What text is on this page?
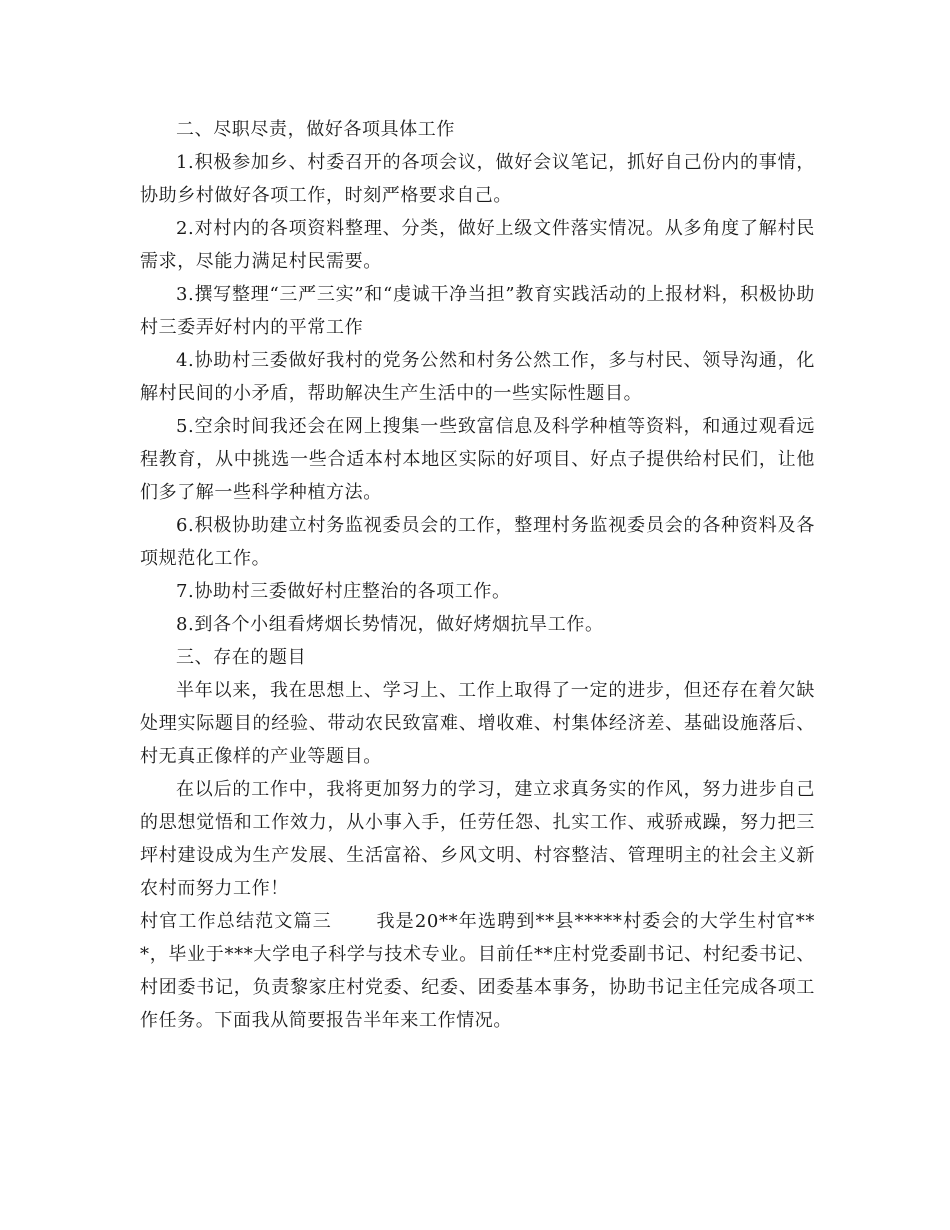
二、尽职尽责，做好各项具体工作

1.积极参加乡、村委召开的各项会议，做好会议笔记，抓好自己份内的事情，协助乡村做好各项工作，时刻严格要求自己。

2.对村内的各项资料整理、分类，做好上级文件落实情况。从多角度了解村民需求，尽能力满足村民需要。

3.撰写整理“三严三实”和“虔诚干净当担”教育实践活动的上报材料，积极协助村三委弄好村内的平常工作

4.协助村三委做好我村的党务公然和村务公然工作，多与村民、领导沟通，化解村民间的小矛盾，帮助解决生产生活中的一些实际性题目。

5.空余时间我还会在网上搜集一些致富信息及科学种植等资料，和通过观看远程教育，从中挑选一些合适本村本地区实际的好项目、好点子提供给村民们，让他们多了解一些科学种植方法。

6.积极协助建立村务监视委员会的工作，整理村务监视委员会的各种资料及各项规范化工作。

7.协助村三委做好村庄整治的各项工作。

8.到各个小组看烤烟长势情况，做好烤烟抗旱工作。

三、存在的题目

半年以来，我在思想上、学习上、工作上取得了一定的进步，但还存在着欠缺处理实际题目的经验、带动农民致富难、增收难、村集体经济差、基础设施落后、村无真正像样的产业等题目。

在以后的工作中，我将更加努力的学习，建立求真务实的作风，努力进步自己的思想觉悟和工作效力，从小事入手，任劳任怨、扎实工作、戒骄戒躁，努力把三坪村建设成为生产发展、生活富裕、乡风文明、村容整洁、管理明主的社会主义新农村而努力工作！

村官工作总结范文篇三 我是20**年选聘到**县*****村委会的大学生村官***，毕业于***大学电子科学与技术专业。目前任**庄村党委副书记、村纪委书记、村团委书记，负责黎家庄村党委、纪委、团委基本事务，协助书记主任完成各项工作任务。下面我从简要报告半年来工作情况。
